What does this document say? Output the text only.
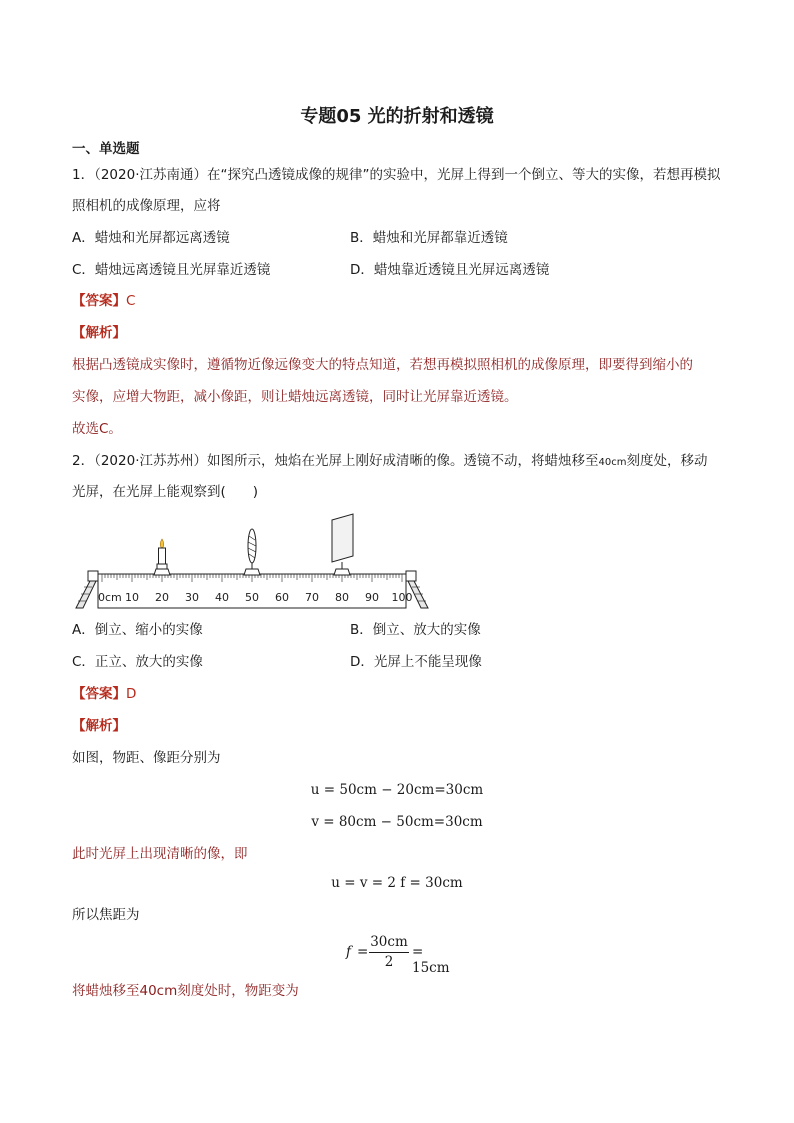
专题05 光的折射和透镜
一、单选题
1．（2020·江苏南通）在“探究凸透镜成像的规律”的实验中，光屏上得到一个倒立、等大的实像，若想再模拟
照相机的成像原理，应将
A．蜡烛和光屏都远离透镜	B．蜡烛和光屏都靠近透镜
C．蜡烛远离透镜且光屏靠近透镜	D．蜡烛靠近透镜且光屏远离透镜
【答案】C
【解析】
根据凸透镜成实像时，遵循物近像远像变大的特点知道，若想再模拟照相机的成像原理，即要得到缩小的
实像，应增大物距，减小像距，则让蜡烛远离透镜，同时让光屏靠近透镜。
故选C。
2．（2020·江苏苏州）如图所示，烛焰在光屏上刚好成清晰的像。透镜不动，将蜡烛移至40cm刻度处，移动
光屏，在光屏上能观察到(　　)
0cm 10 20 30 40 50 60 70 80 90 100
A．倒立、缩小的实像	B．倒立、放大的实像
C．正立、放大的实像	D．光屏上不能呈现像
【答案】D
【解析】
如图，物距、像距分别为
u = 50cm − 20cm=30cm
v = 80cm − 50cm=30cm
此时光屏上出现清晰的像，即
u = v = 2 f = 30cm
所以焦距为
f =
30cm
2
= 15cm
将蜡烛移至40cm刻度处时，物距变为
